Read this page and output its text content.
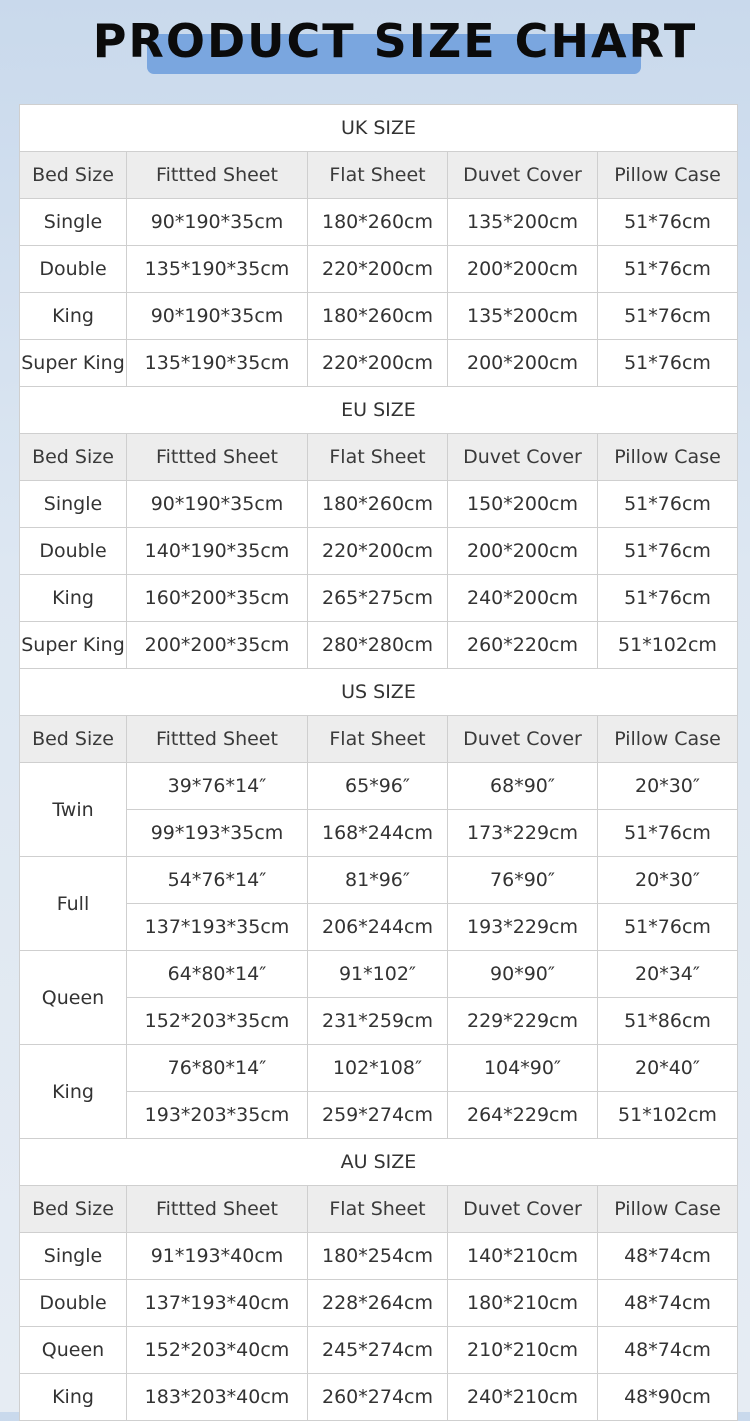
PRODUCT SIZE CHART
UK SIZE				
Bed Size	Fittted Sheet	Flat Sheet	Duvet Cover	Pillow Case
Single	90*190*35cm	180*260cm	135*200cm	51*76cm
Double	135*190*35cm	220*200cm	200*200cm	51*76cm
King	90*190*35cm	180*260cm	135*200cm	51*76cm
Super King	135*190*35cm	220*200cm	200*200cm	51*76cm
EU SIZE				
Bed Size	Fittted Sheet	Flat Sheet	Duvet Cover	Pillow Case
Single	90*190*35cm	180*260cm	150*200cm	51*76cm
Double	140*190*35cm	220*200cm	200*200cm	51*76cm
King	160*200*35cm	265*275cm	240*200cm	51*76cm
Super King	200*200*35cm	280*280cm	260*220cm	51*102cm
US SIZE				
Bed Size	Fittted Sheet	Flat Sheet	Duvet Cover	Pillow Case
Twin	39*76*14″	65*96″	68*90″	20*30″
	99*193*35cm	168*244cm	173*229cm	51*76cm
Full	54*76*14″	81*96″	76*90″	20*30″
	137*193*35cm	206*244cm	193*229cm	51*76cm
Queen	64*80*14″	91*102″	90*90″	20*34″
	152*203*35cm	231*259cm	229*229cm	51*86cm
King	76*80*14″	102*108″	104*90″	20*40″
	193*203*35cm	259*274cm	264*229cm	51*102cm
AU SIZE				
Bed Size	Fittted Sheet	Flat Sheet	Duvet Cover	Pillow Case
Single	91*193*40cm	180*254cm	140*210cm	48*74cm
Double	137*193*40cm	228*264cm	180*210cm	48*74cm
Queen	152*203*40cm	245*274cm	210*210cm	48*74cm
King	183*203*40cm	260*274cm	240*210cm	48*90cm
